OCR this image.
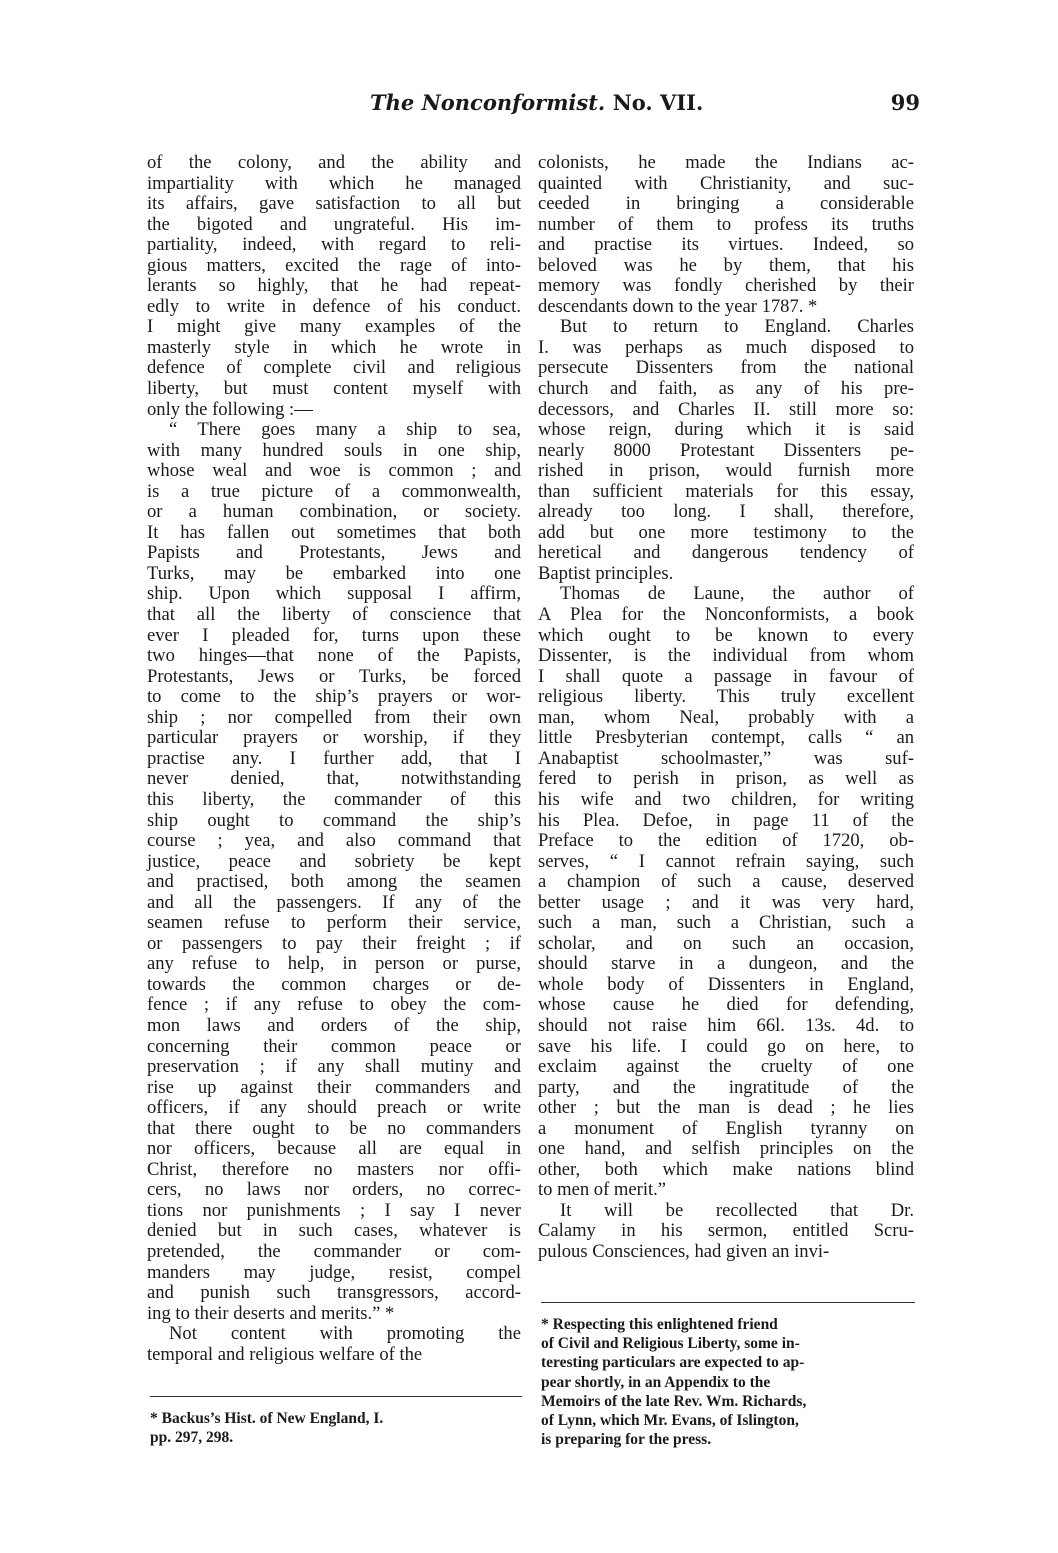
The Nonconformist. No. VII.	99
of the colony, and the ability and
impartiality with which he managed
its affairs, gave satisfaction to all but
the bigoted and ungrateful. His im-
partiality, indeed, with regard to reli-
gious matters, excited the rage of into-
lerants so highly, that he had repeat-
edly to write in defence of his conduct.
I might give many examples of the
masterly style in which he wrote in
defence of complete civil and religious
liberty, but must content myself with
only the following :—
“ There goes many a ship to sea,
with many hundred souls in one ship,
whose weal and woe is common ; and
is a true picture of a commonwealth,
or a human combination, or society.
It has fallen out sometimes that both
Papists and Protestants, Jews and
Turks, may be embarked into one
ship. Upon which supposal I affirm,
that all the liberty of conscience that
ever I pleaded for, turns upon these
two hinges—that none of the Papists,
Protestants, Jews or Turks, be forced
to come to the ship’s prayers or wor-
ship ; nor compelled from their own
particular prayers or worship, if they
practise any. I further add, that I
never denied, that, notwithstanding
this liberty, the commander of this
ship ought to command the ship’s
course ; yea, and also command that
justice, peace and sobriety be kept
and practised, both among the seamen
and all the passengers. If any of the
seamen refuse to perform their service,
or passengers to pay their freight ; if
any refuse to help, in person or purse,
towards the common charges or de-
fence ; if any refuse to obey the com-
mon laws and orders of the ship,
concerning their common peace or
preservation ; if any shall mutiny and
rise up against their commanders and
officers, if any should preach or write
that there ought to be no commanders
nor officers, because all are equal in
Christ, therefore no masters nor offi-
cers, no laws nor orders, no correc-
tions nor punishments ; I say I never
denied but in such cases, whatever is
pretended, the commander or com-
manders may judge, resist, compel
and punish such transgressors, accord-
ing to their deserts and merits.” *
Not content with promoting the
temporal and religious welfare of the
colonists, he made the Indians ac-
quainted with Christianity, and suc-
ceeded in bringing a considerable
number of them to profess its truths
and practise its virtues. Indeed, so
beloved was he by them, that his
memory was fondly cherished by their
descendants down to the year 1787. *
But to return to England. Charles
I. was perhaps as much disposed to
persecute Dissenters from the national
church and faith, as any of his pre-
decessors, and Charles II. still more so:
whose reign, during which it is said
nearly 8000 Protestant Dissenters pe-
rished in prison, would furnish more
than sufficient materials for this essay,
already too long. I shall, therefore,
add but one more testimony to the
heretical and dangerous tendency of
Baptist principles.
Thomas de Laune, the author of
A Plea for the Nonconformists, a book
which ought to be known to every
Dissenter, is the individual from whom
I shall quote a passage in favour of
religious liberty. This truly excellent
man, whom Neal, probably with a
little Presbyterian contempt, calls “ an
Anabaptist schoolmaster,” was suf-
fered to perish in prison, as well as
his wife and two children, for writing
his Plea. Defoe, in page 11 of the
Preface to the edition of 1720, ob-
serves, “ I cannot refrain saying, such
a champion of such a cause, deserved
better usage ; and it was very hard,
such a man, such a Christian, such a
scholar, and on such an occasion,
should starve in a dungeon, and the
whole body of Dissenters in England,
whose cause he died for defending,
should not raise him 66l. 13s. 4d. to
save his life. I could go on here, to
exclaim against the cruelty of one
party, and the ingratitude of the
other ; but the man is dead ; he lies
a monument of English tyranny on
one hand, and selfish principles on the
other, both which make nations blind
to men of merit.”
It will be recollected that Dr.
Calamy in his sermon, entitled Scru-
pulous Consciences, had given an invi-
* Backus’s Hist. of New England, I.
pp. 297, 298.
* Respecting this enlightened friend
of Civil and Religious Liberty, some in-
teresting particulars are expected to ap-
pear shortly, in an Appendix to the
Memoirs of the late Rev. Wm. Richards,
of Lynn, which Mr. Evans, of Islington,
is preparing for the press.
